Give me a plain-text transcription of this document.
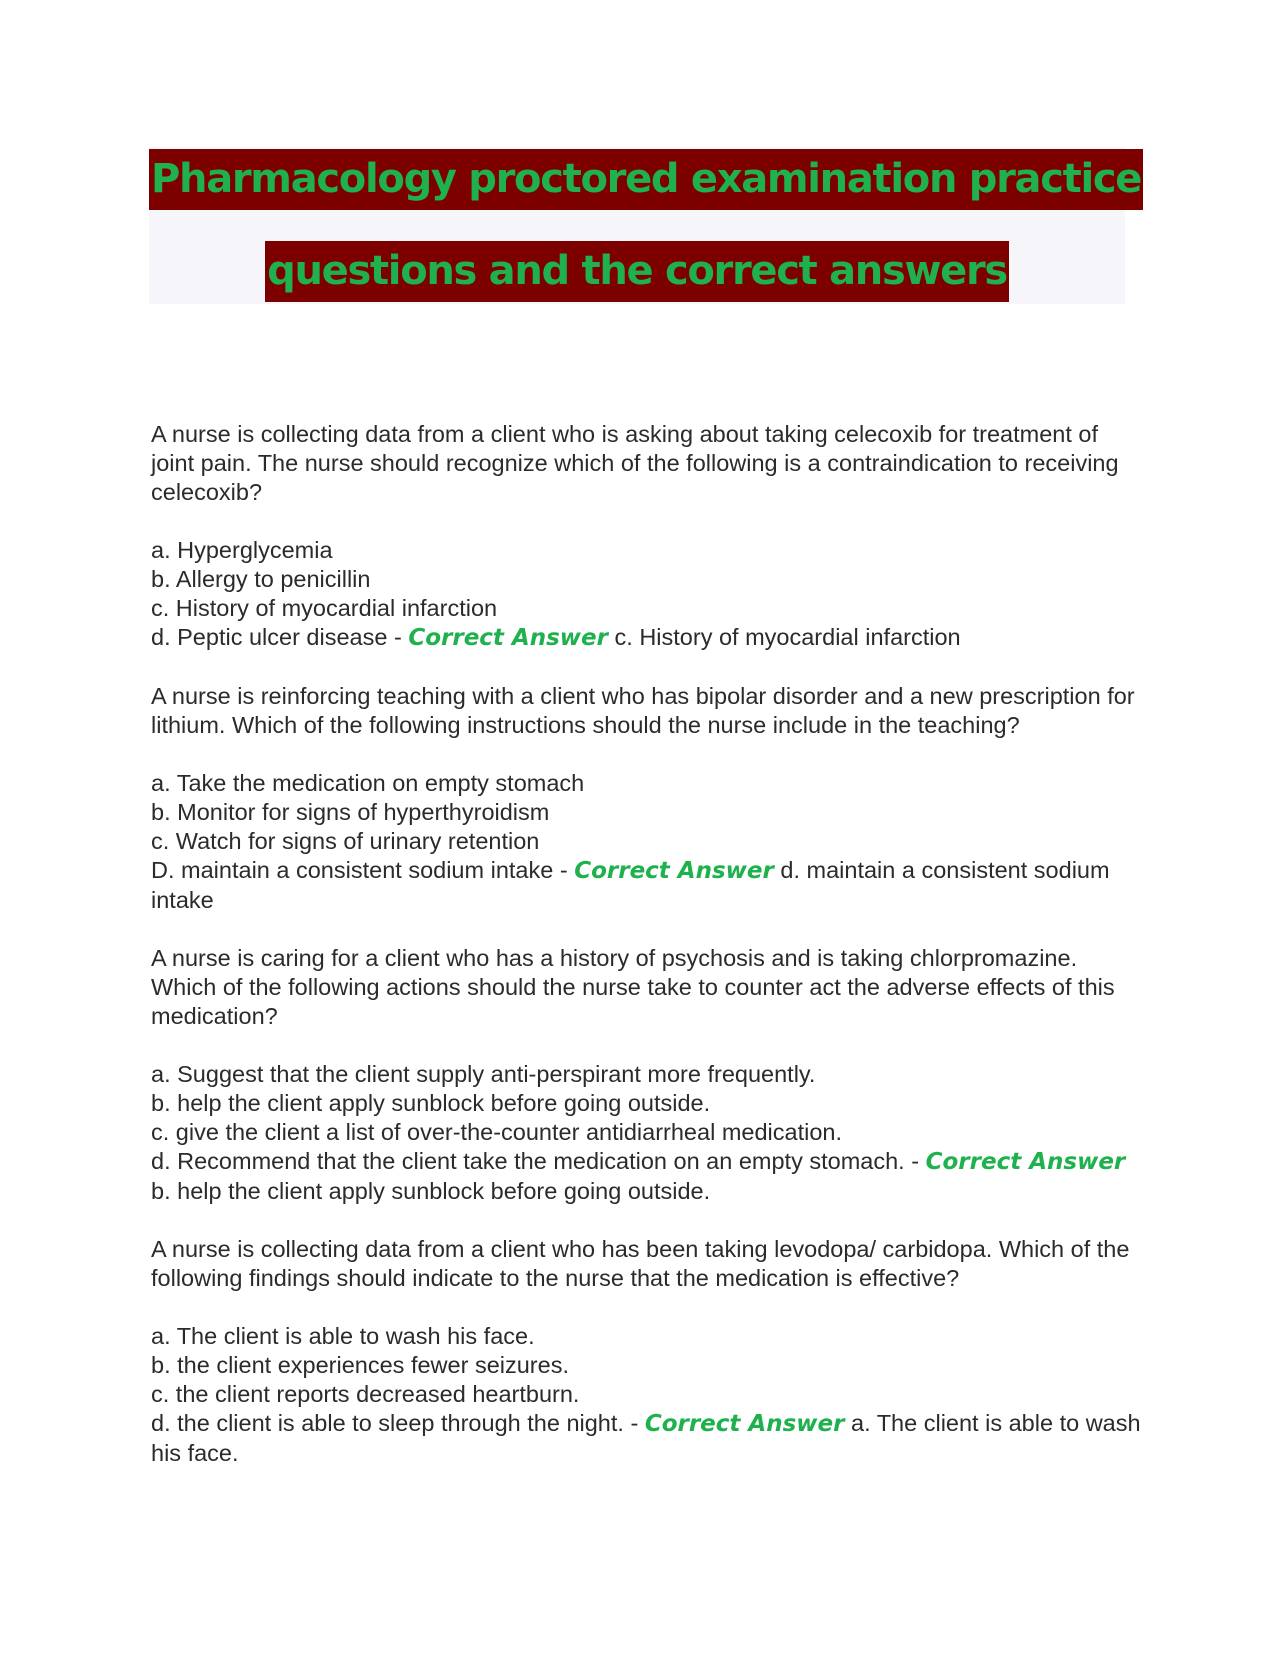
Pharmacology proctored examination practice
questions and the correct answers

A nurse is collecting data from a client who is asking about taking celecoxib for treatment of joint pain. The nurse should recognize which of the following is a contraindication to receiving celecoxib?

a. Hyperglycemia
b. Allergy to penicillin
c. History of myocardial infarction
d. Peptic ulcer disease - Correct Answer c. History of myocardial infarction

A nurse is reinforcing teaching with a client who has bipolar disorder and a new prescription for lithium. Which of the following instructions should the nurse include in the teaching?

a. Take the medication on empty stomach
b. Monitor for signs of hyperthyroidism
c. Watch for signs of urinary retention
D. maintain a consistent sodium intake - Correct Answer d. maintain a consistent sodium intake

A nurse is caring for a client who has a history of psychosis and is taking chlorpromazine. Which of the following actions should the nurse take to counter act the adverse effects of this medication?

a. Suggest that the client supply anti-perspirant more frequently.
b. help the client apply sunblock before going outside.
c. give the client a list of over-the-counter antidiarrheal medication.
d. Recommend that the client take the medication on an empty stomach. - Correct Answer b. help the client apply sunblock before going outside.

A nurse is collecting data from a client who has been taking levodopa/ carbidopa. Which of the following findings should indicate to the nurse that the medication is effective?

a. The client is able to wash his face.
b. the client experiences fewer seizures.
c. the client reports decreased heartburn.
d. the client is able to sleep through the night. - Correct Answer a. The client is able to wash his face.
